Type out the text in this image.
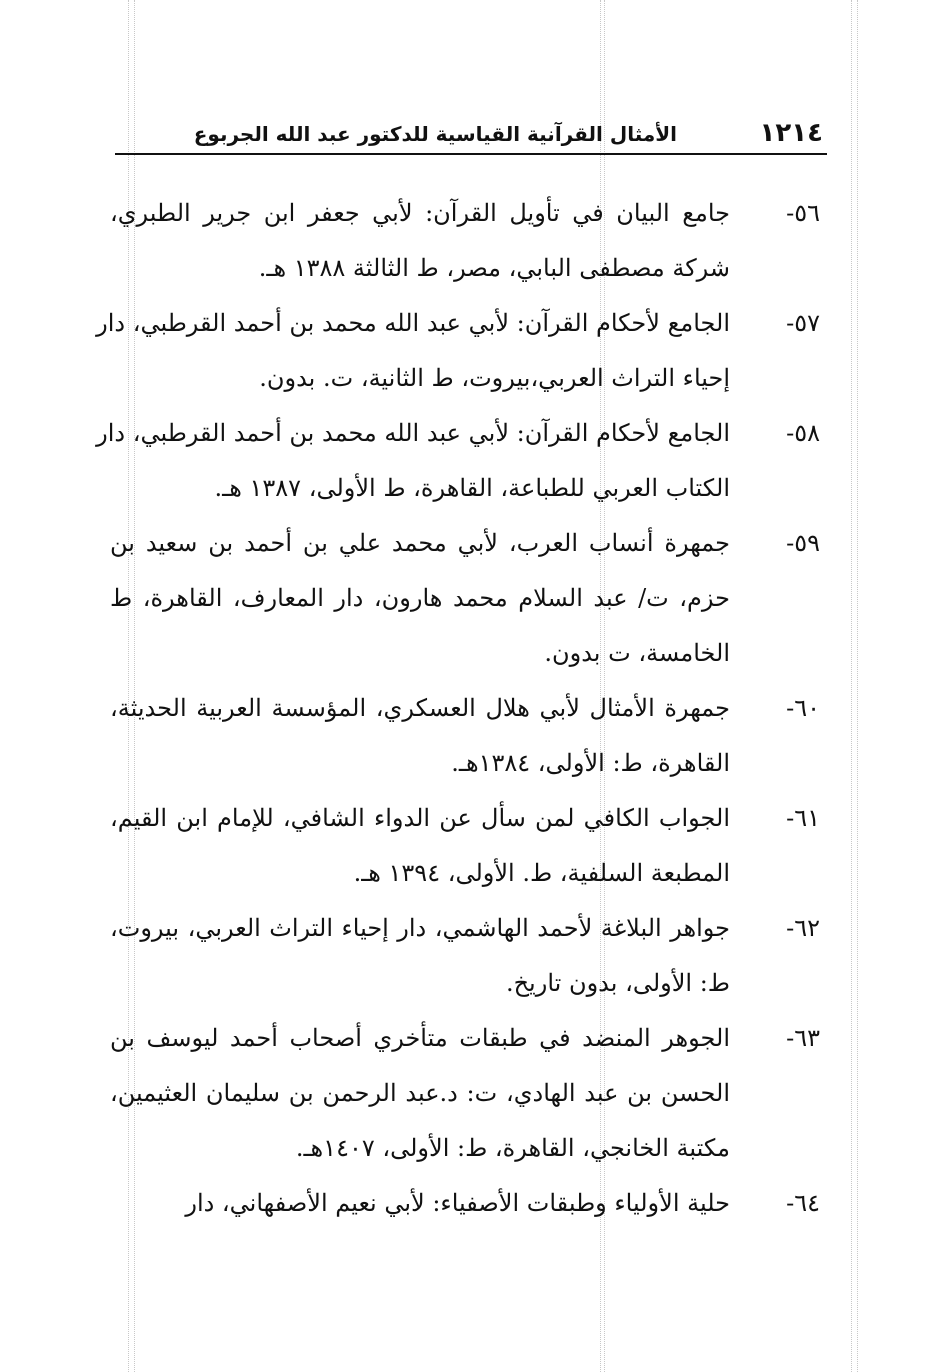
١٢١٤
الأمثال القرآنية القياسية للدكتور عبد الله الجربوع
٥٦-
جامع البيان في تأويل القرآن: لأبي جعفر ابن جرير الطبري،
شركة مصطفى البابي، مصر، ط الثالثة ١٣٨٨ هـ.
٥٧-
الجامع لأحكام القرآن: لأبي عبد الله محمد بن أحمد القرطبي، دار
إحياء التراث العربي،بيروت، ط الثانية، ت. بدون.
٥٨-
الجامع لأحكام القرآن: لأبي عبد الله محمد بن أحمد القرطبي، دار
الكتاب العربي للطباعة، القاهرة، ط الأولى، ١٣٨٧ هـ.
٥٩-
جمهرة أنساب العرب، لأبي محمد علي بن أحمد بن سعيد بن
حزم، ت/ عبد السلام محمد هارون، دار المعارف، القاهرة، ط
الخامسة، ت بدون.
٦٠-
جمهرة الأمثال لأبي هلال العسكري، المؤسسة العربية الحديثة،
القاهرة، ط: الأولى، ١٣٨٤هـ.
٦١-
الجواب الكافي لمن سأل عن الدواء الشافي، للإمام ابن القيم،
المطبعة السلفية، ط. الأولى، ١٣٩٤ هـ.
٦٢-
جواهر البلاغة لأحمد الهاشمي، دار إحياء التراث العربي، بيروت،
ط: الأولى، بدون تاريخ.
٦٣-
الجوهر المنضد في طبقات متأخري أصحاب أحمد ليوسف بن
الحسن بن عبد الهادي، ت: د.عبد الرحمن بن سليمان العثيمين،
مكتبة الخانجي، القاهرة، ط: الأولى، ١٤٠٧هـ.
٦٤-
حلية الأولياء وطبقات الأصفياء: لأبي نعيم الأصفهاني، دار
